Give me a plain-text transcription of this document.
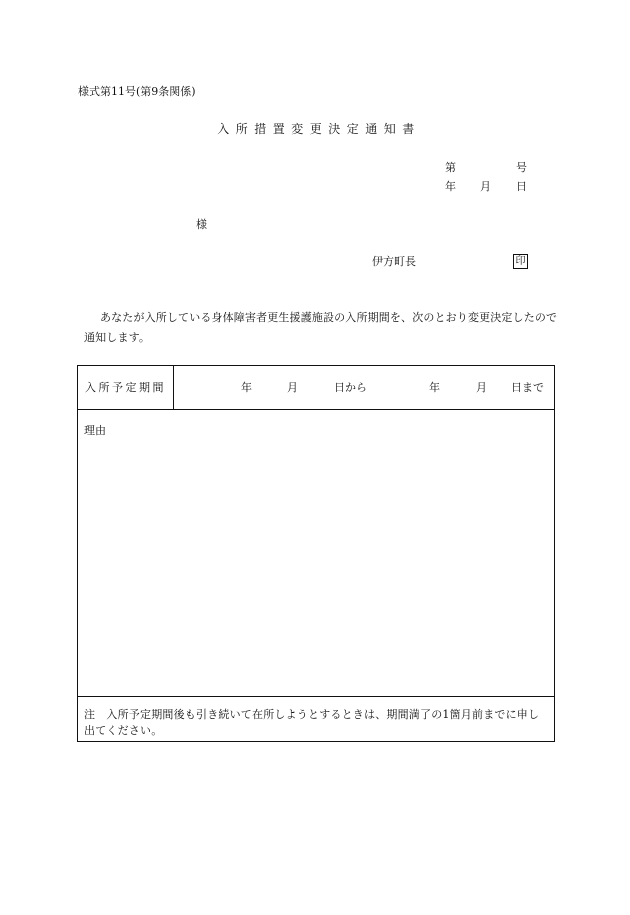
様式第11号(第9条関係)
入所措置変更決定通知書
第	号
年 月 日
様
伊方町長	印
あなたが入所している身体障害者更生援護施設の入所期間を、次のとおり変更決定したので通知します。
入所予定期間	年	月	日から	年	月 日まで
理由
注　入所予定期間後も引き続いて在所しようとするときは、期間満了の1箇月前までに申し出てください。
